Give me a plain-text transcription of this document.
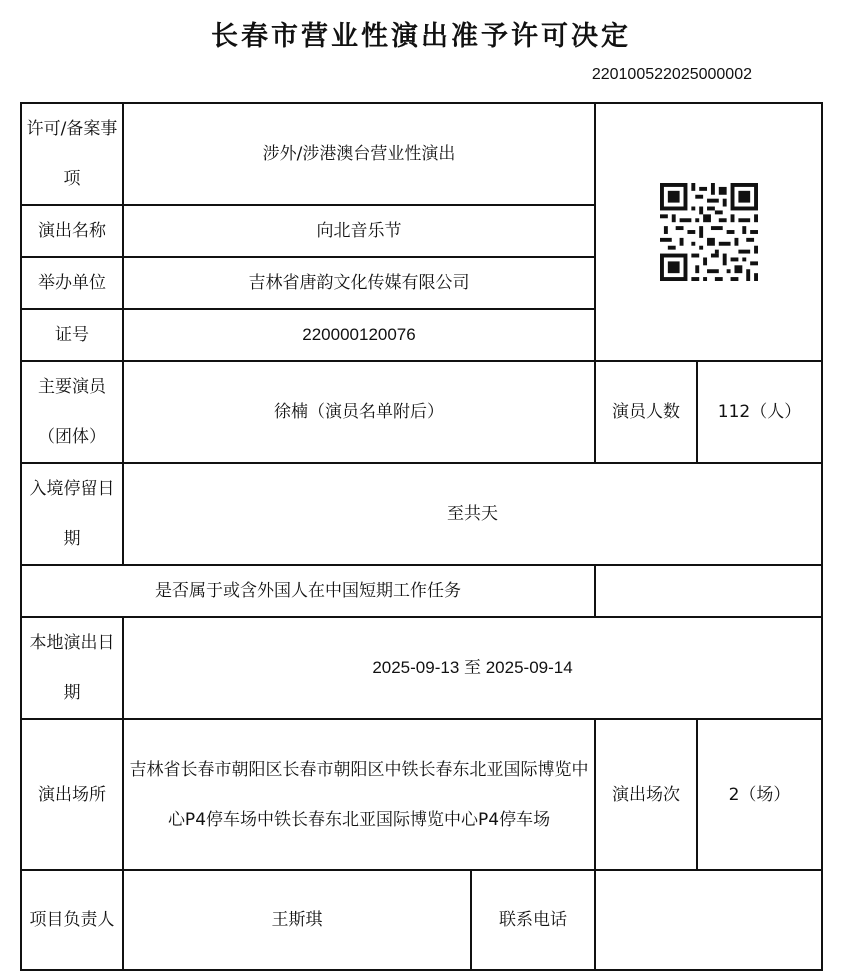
长春市营业性演出准予许可决定
220100522025000002
许可/备案事项	涉外/涉港澳台营业性演出	

演出名称	向北音乐节			
举办单位	吉林省唐韵文化传媒有限公司			
证号	220000120076			
主要演员（团体）	徐楠（演员名单附后）		演员人数	112（人）
入境停留日期	至共天			
是否属于或含外国人在中国短期工作任务				
本地演出日期	2025-09-13 至 2025-09-14			
演出场所	吉林省长春市朝阳区长春市朝阳区中铁长春东北亚国际博览中心P4停车场中铁长春东北亚国际博览中心P4停车场		演出场次	2（场）
项目负责人	王斯琪	联系电话		
